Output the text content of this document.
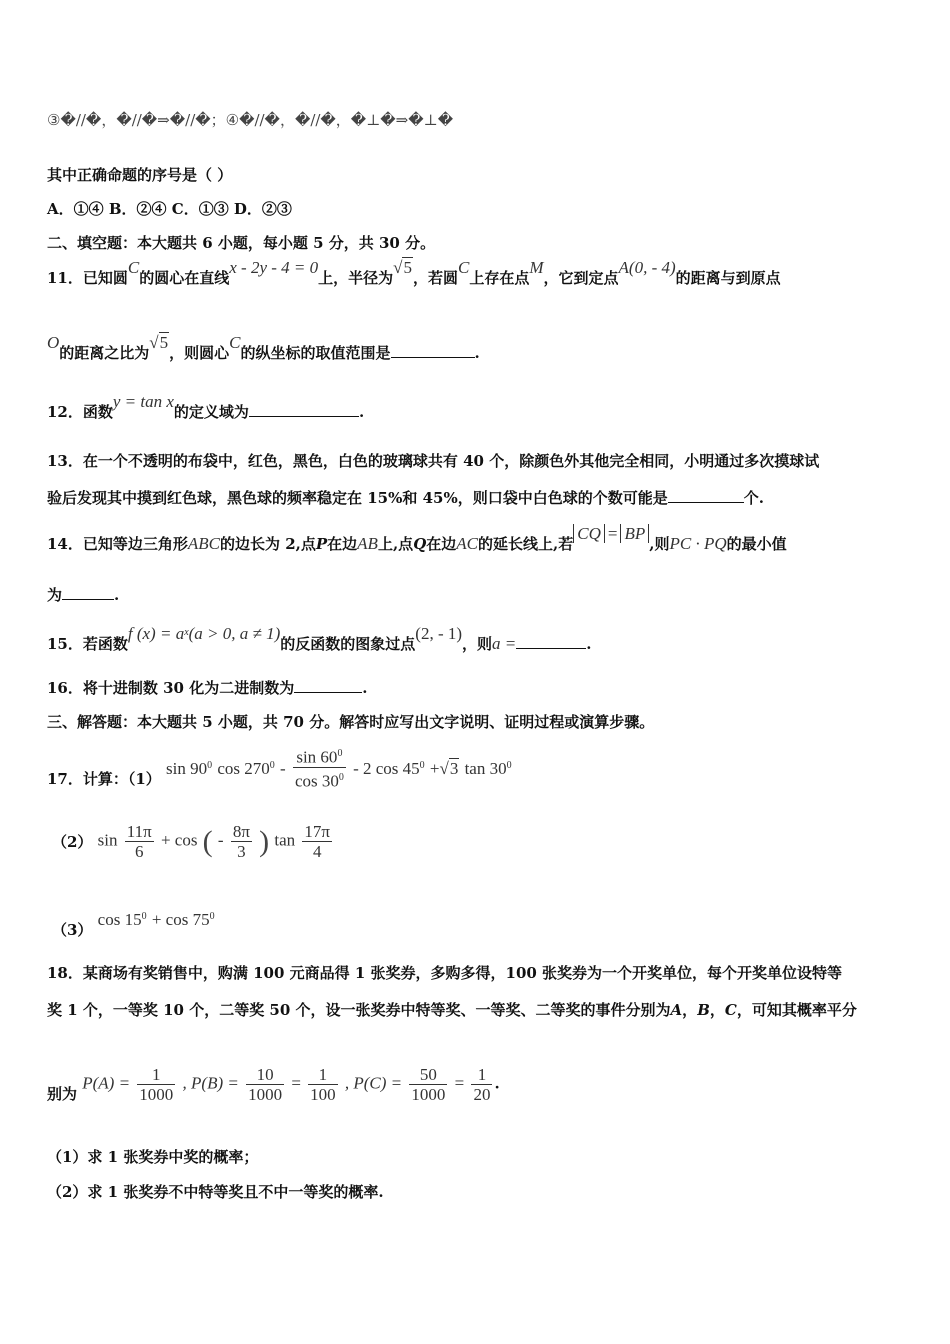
③�//�，�//�⇒�//�；④�//�，�//�，�⊥�⇒�⊥�
其中正确命题的序号是（ ）
A．①④ B．②④ C．①③ D．②③
二、填空题：本大题共 6 小题，每小题 5 分，共 30 分。
11．已知圆C的圆心在直线x - 2y - 4 = 0上，半径为√5，若圆C上存在点M，它到定点A(0, - 4)的距离与到原点
O的距离之比为√5，则圆心C的纵坐标的取值范围是	.
12．函数y = tan x的定义域为	.
13．在一个不透明的布袋中，红色，黑色，白色的玻璃球共有 40 个，除颜色外其他完全相同，小明通过多次摸球试
验后发现其中摸到红色球，黑色球的频率稳定在 15%和 45%，则口袋中白色球的个数可能是	个.
14．已知等边三角形ABC的边长为 2,点P在边AB上,点Q在边AC的延长线上,若CQ = BP,则PC · PQ的最小值
为	.
15．若函数f $(x) = a^x(a > 0$, a ≠ 1)的反函数的图象过点(2, - 1)，则a =	.
16．将十进制数 30 化为二进制数为	.
三、解答题：本大题共 5 小题，共 70 分。解答时应写出文字说明、证明过程或演算步骤。
17．计算：（1） $\sin 90^0$ $\cos 270^0 - \frac{\sin 60^0}{\cos 30^0} - 2$ $\cos 45^0 +√3$ $\tan 30^0$
（2） $\sin \frac{11\pi}{6} + \cos$ ( - $\frac{8\pi}{3}$ ) $\tan \frac{17\pi}{4}$
（3） $\cos 15^0 + \cos 75^0$
18．某商场有奖销售中，购满 100 元商品得 1 张奖券，多购多得，100 张奖券为一个开奖单位，每个开奖单位设特等
奖 1 个，一等奖 10 个，二等奖 50 个，设一张奖券中特等奖、一等奖、二等奖的事件分别为A，B，C，可知其概率平分
别为 $P(A) = \frac{1}{1000}$ , $P(B) = \frac{10}{1000} = \frac{1}{100}$ , $P(C) = \frac{50}{1000} = \frac{1}{20}$ .
（1）求 1 张奖券中奖的概率；
（2）求 1 张奖券不中特等奖且不中一等奖的概率.
